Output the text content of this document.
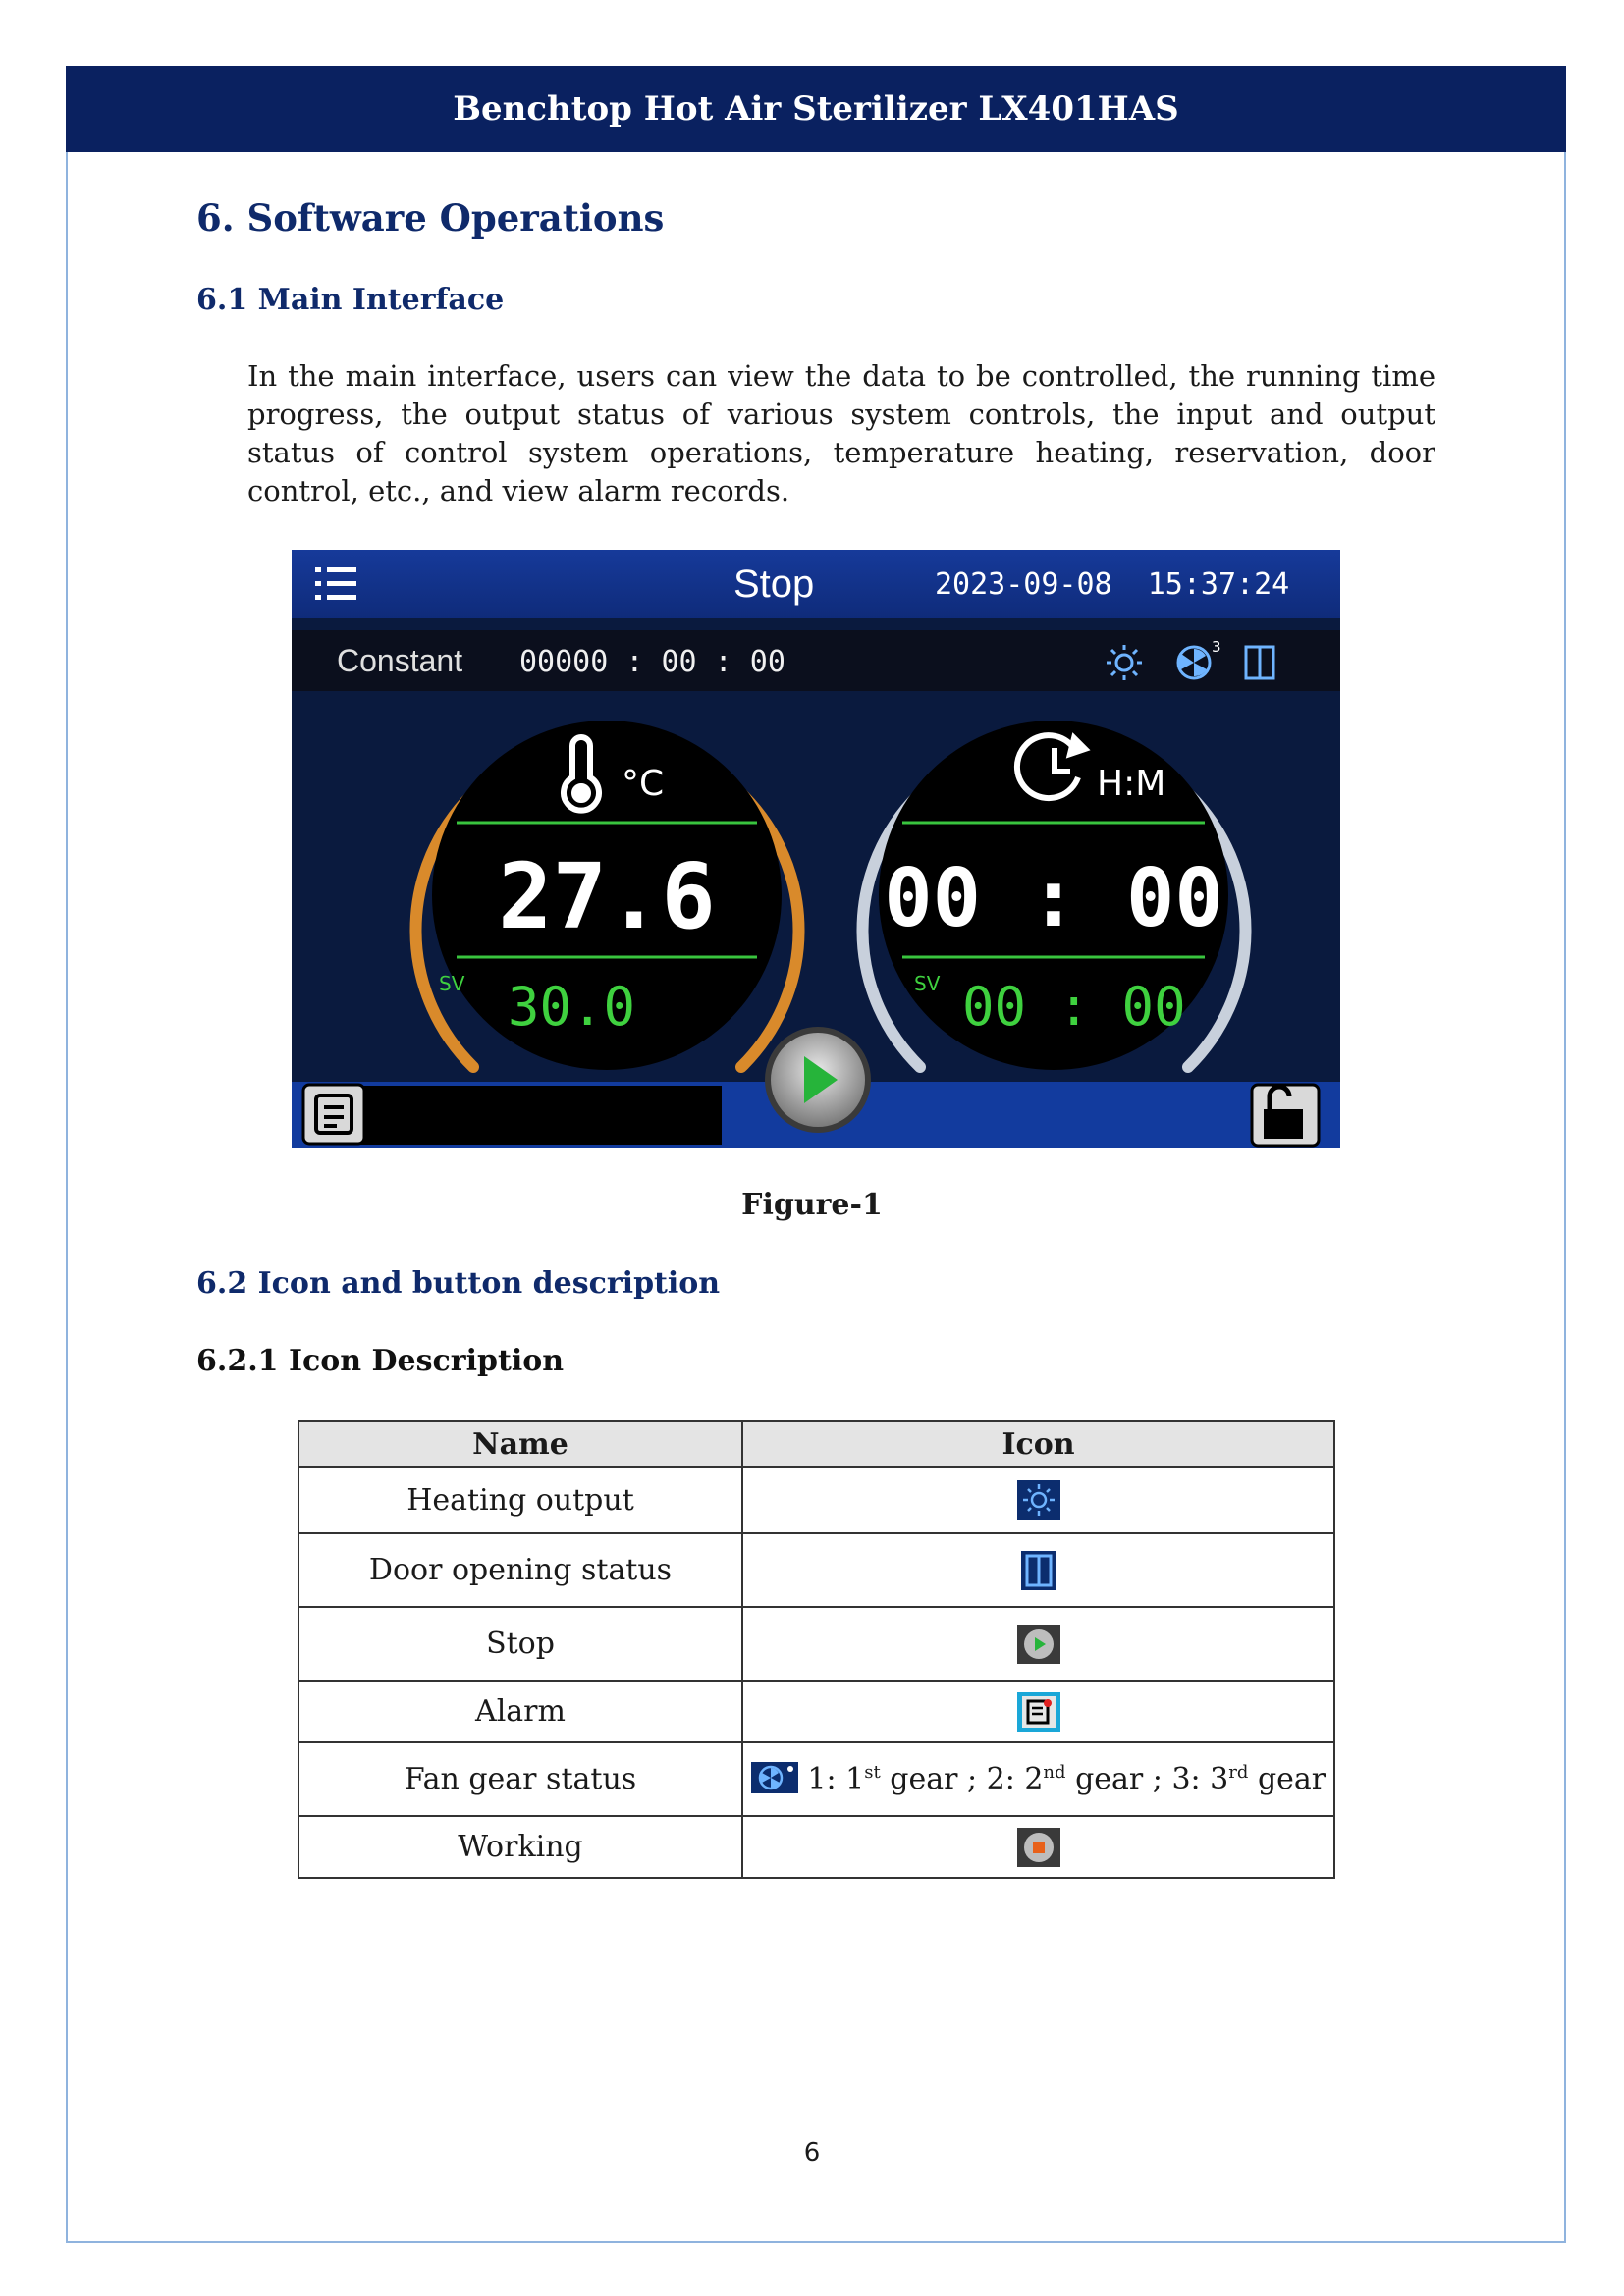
Benchtop Hot Air Sterilizer LX401HAS
6. Software Operations
6.1 Main Interface

In the main interface, users can view the data to be controlled, the running time progress, the output status of various system controls, the input and output status of control system operations, temperature heating, reservation, door control, etc., and view alarm records.

Stop	2023-09-08  15:37:24
Constant 00000 : 00 : 00	3
°C
27.6
SV 30.0
H:M
00 : 00
SV 00 : 00
Figure-1
6.2 Icon and button description
6.2.1 Icon Description
Name	Icon
Heating output	
Door opening status	
Stop	
Alarm	
Fan gear status	1: 1st gear ; 2: 2nd gear ; 3: 3rd gear
Working	
6
